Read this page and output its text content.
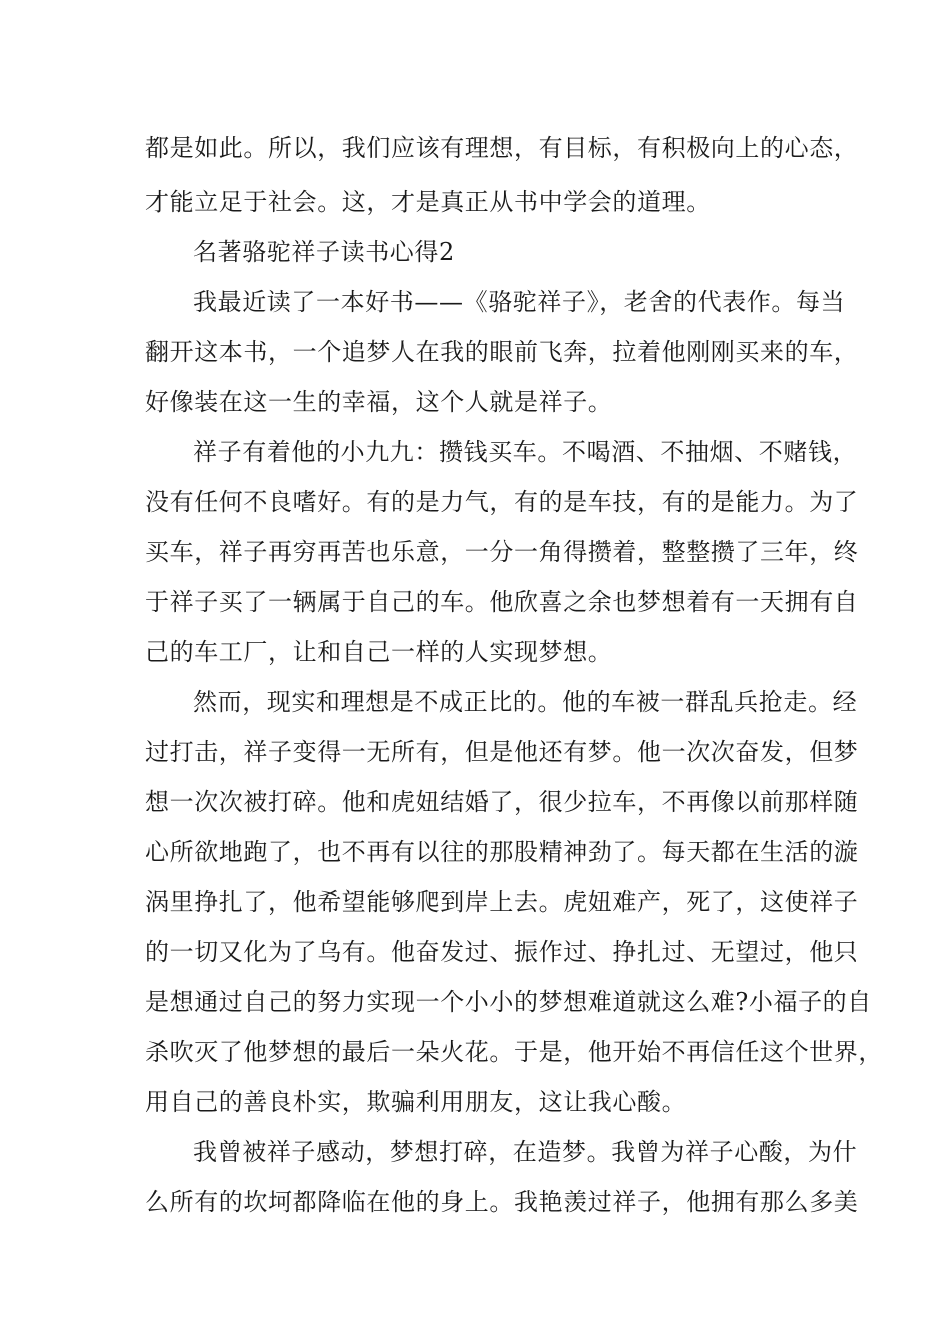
都是如此。所以，我们应该有理想，有目标，有积极向上的心态，
才能立足于社会。这，才是真正从书中学会的道理。
名著骆驼祥子读书心得2
我最近读了一本好书——《骆驼祥子》，老舍的代表作。每当
翻开这本书，一个追梦人在我的眼前飞奔，拉着他刚刚买来的车，
好像装在这一生的幸福，这个人就是祥子。
祥子有着他的小九九：攒钱买车。不喝酒、不抽烟、不赌钱，
没有任何不良嗜好。有的是力气，有的是车技，有的是能力。为了
买车，祥子再穷再苦也乐意，一分一角得攒着，整整攒了三年，终
于祥子买了一辆属于自己的车。他欣喜之余也梦想着有一天拥有自
己的车工厂，让和自己一样的人实现梦想。
然而，现实和理想是不成正比的。他的车被一群乱兵抢走。经
过打击，祥子变得一无所有，但是他还有梦。他一次次奋发，但梦
想一次次被打碎。他和虎妞结婚了，很少拉车，不再像以前那样随
心所欲地跑了，也不再有以往的那股精神劲了。每天都在生活的漩
涡里挣扎了，他希望能够爬到岸上去。虎妞难产，死了，这使祥子
的一切又化为了乌有。他奋发过、振作过、挣扎过、无望过，他只
是想通过自己的努力实现一个小小的梦想难道就这么难?小福子的自
杀吹灭了他梦想的最后一朵火花。于是，他开始不再信任这个世界，
用自己的善良朴实，欺骗利用朋友，这让我心酸。
我曾被祥子感动，梦想打碎，在造梦。我曾为祥子心酸，为什
么所有的坎坷都降临在他的身上。我艳羡过祥子，他拥有那么多美
